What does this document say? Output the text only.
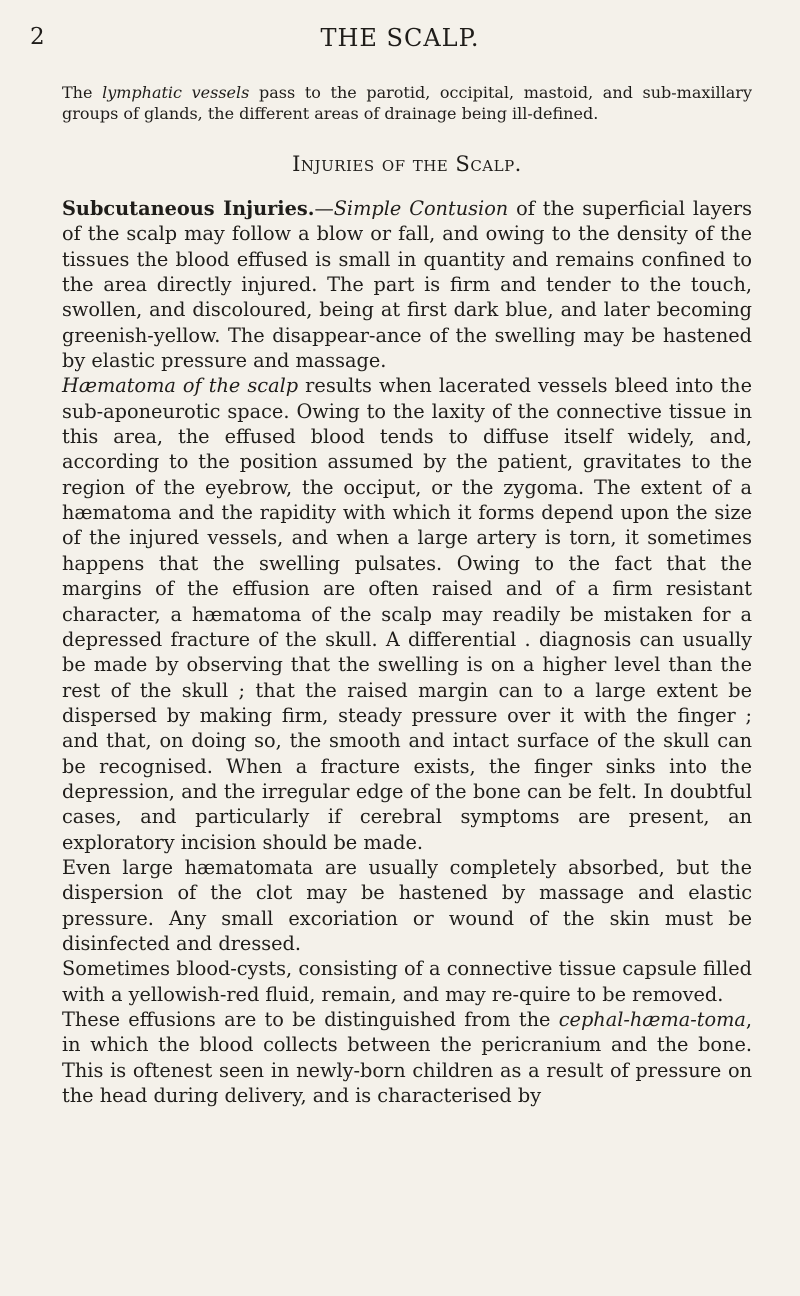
2	THE SCALP.

The lymphatic vessels pass to the parotid, occipital, mastoid, and sub-maxillary groups of glands, the different areas of drainage being ill-defined.

Injuries of the Scalp.

Subcutaneous Injuries.—Simple Contusion of the superficial layers of the scalp may follow a blow or fall, and owing to the density of the tissues the blood effused is small in quantity and remains confined to the area directly injured. The part is firm and tender to the touch, swollen, and discoloured, being at first dark blue, and later becoming greenish-yellow. The disappear-ance of the swelling may be hastened by elastic pressure and massage.

Hæmatoma of the scalp results when lacerated vessels bleed into the sub-aponeurotic space. Owing to the laxity of the connective tissue in this area, the effused blood tends to diffuse itself widely, and, according to the position assumed by the patient, gravitates to the region of the eyebrow, the occiput, or the zygoma. The extent of a hæmatoma and the rapidity with which it forms depend upon the size of the injured vessels, and when a large artery is torn, it sometimes happens that the swelling pulsates. Owing to the fact that the margins of the effusion are often raised and of a firm resistant character, a hæmatoma of the scalp may readily be mistaken for a depressed fracture of the skull. A differential . diagnosis can usually be made by observing that the swelling is on a higher level than the rest of the skull ; that the raised margin can to a large extent be dispersed by making firm, steady pressure over it with the finger ; and that, on doing so, the smooth and intact surface of the skull can be recognised. When a fracture exists, the finger sinks into the depression, and the irregular edge of the bone can be felt. In doubtful cases, and particularly if cerebral symptoms are present, an exploratory incision should be made.

Even large hæmatomata are usually completely absorbed, but the dispersion of the clot may be hastened by massage and elastic pressure. Any small excoriation or wound of the skin must be disinfected and dressed.

Sometimes blood-cysts, consisting of a connective tissue capsule filled with a yellowish-red fluid, remain, and may re-quire to be removed.

These effusions are to be distinguished from the cephal-hæma-toma, in which the blood collects between the pericranium and the bone. This is oftenest seen in newly-born children as a result of pressure on the head during delivery, and is characterised by
